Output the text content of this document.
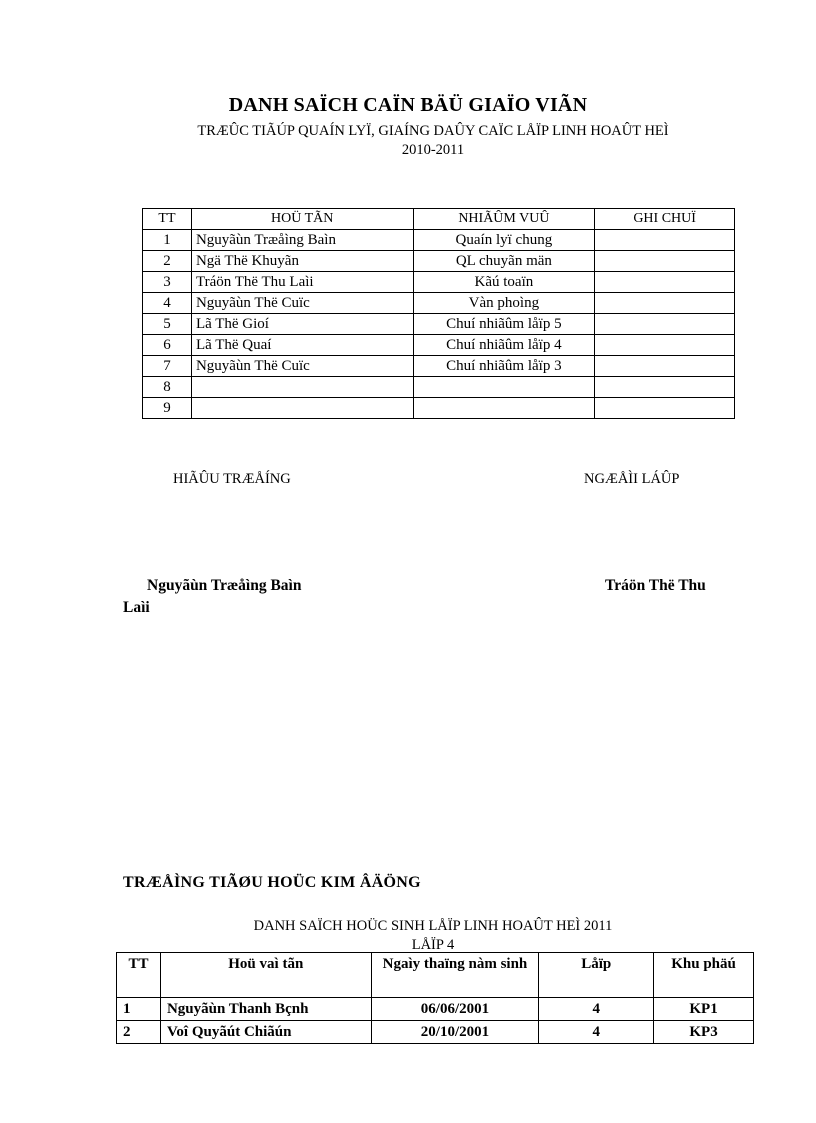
DANH SAÏCH CAÏN BÄÜ GIAÏO VIÃN
TRÆÛC TIÃÚP QUAÍN LYÏ, GIAÍNG DAÛY CAÏC LÅÏP LINH HOAÛT HEÌ
2010-2011
TT	HOÜ TÃN	NHIÃÛM VUÛ	GHI CHUÏ
1	Nguyãùn Træåìng Baìn	Quaín lyï chung	
2	Ngä Thë Khuyãn	QL chuyãn män	
3	Tráön Thë Thu Laìi	Kãú toaïn	
4	Nguyãùn Thë Cuïc	Vàn phoìng	
5	Lã Thë Gioí	Chuí nhiãûm låïp 5	
6	Lã Thë Quaí	Chuí nhiãûm låïp 4	
7	Nguyãùn Thë Cuïc	Chuí nhiãûm låïp 3	
8			
9			
HIÃÛU TRÆÅÍNG	NGÆÅÌI LÁÛP
Nguyãùn Træåìng Baìn	Tráön Thë Thu
Laìi
TRÆÅÌNG TIÃØU HOÜC KIM ÂÄÖNG
DANH SAÏCH HOÜC SINH LÅÏP LINH HOAÛT HEÌ 2011
LÅÏP 4
TT	Hoü vaì tãn	Ngaìy thaïng nàm sinh	Låïp	Khu phäú
1	Nguyãùn Thanh Bçnh	06/06/2001	4	KP1
2	Voî Quyãút Chiãún	20/10/2001	4	KP3
